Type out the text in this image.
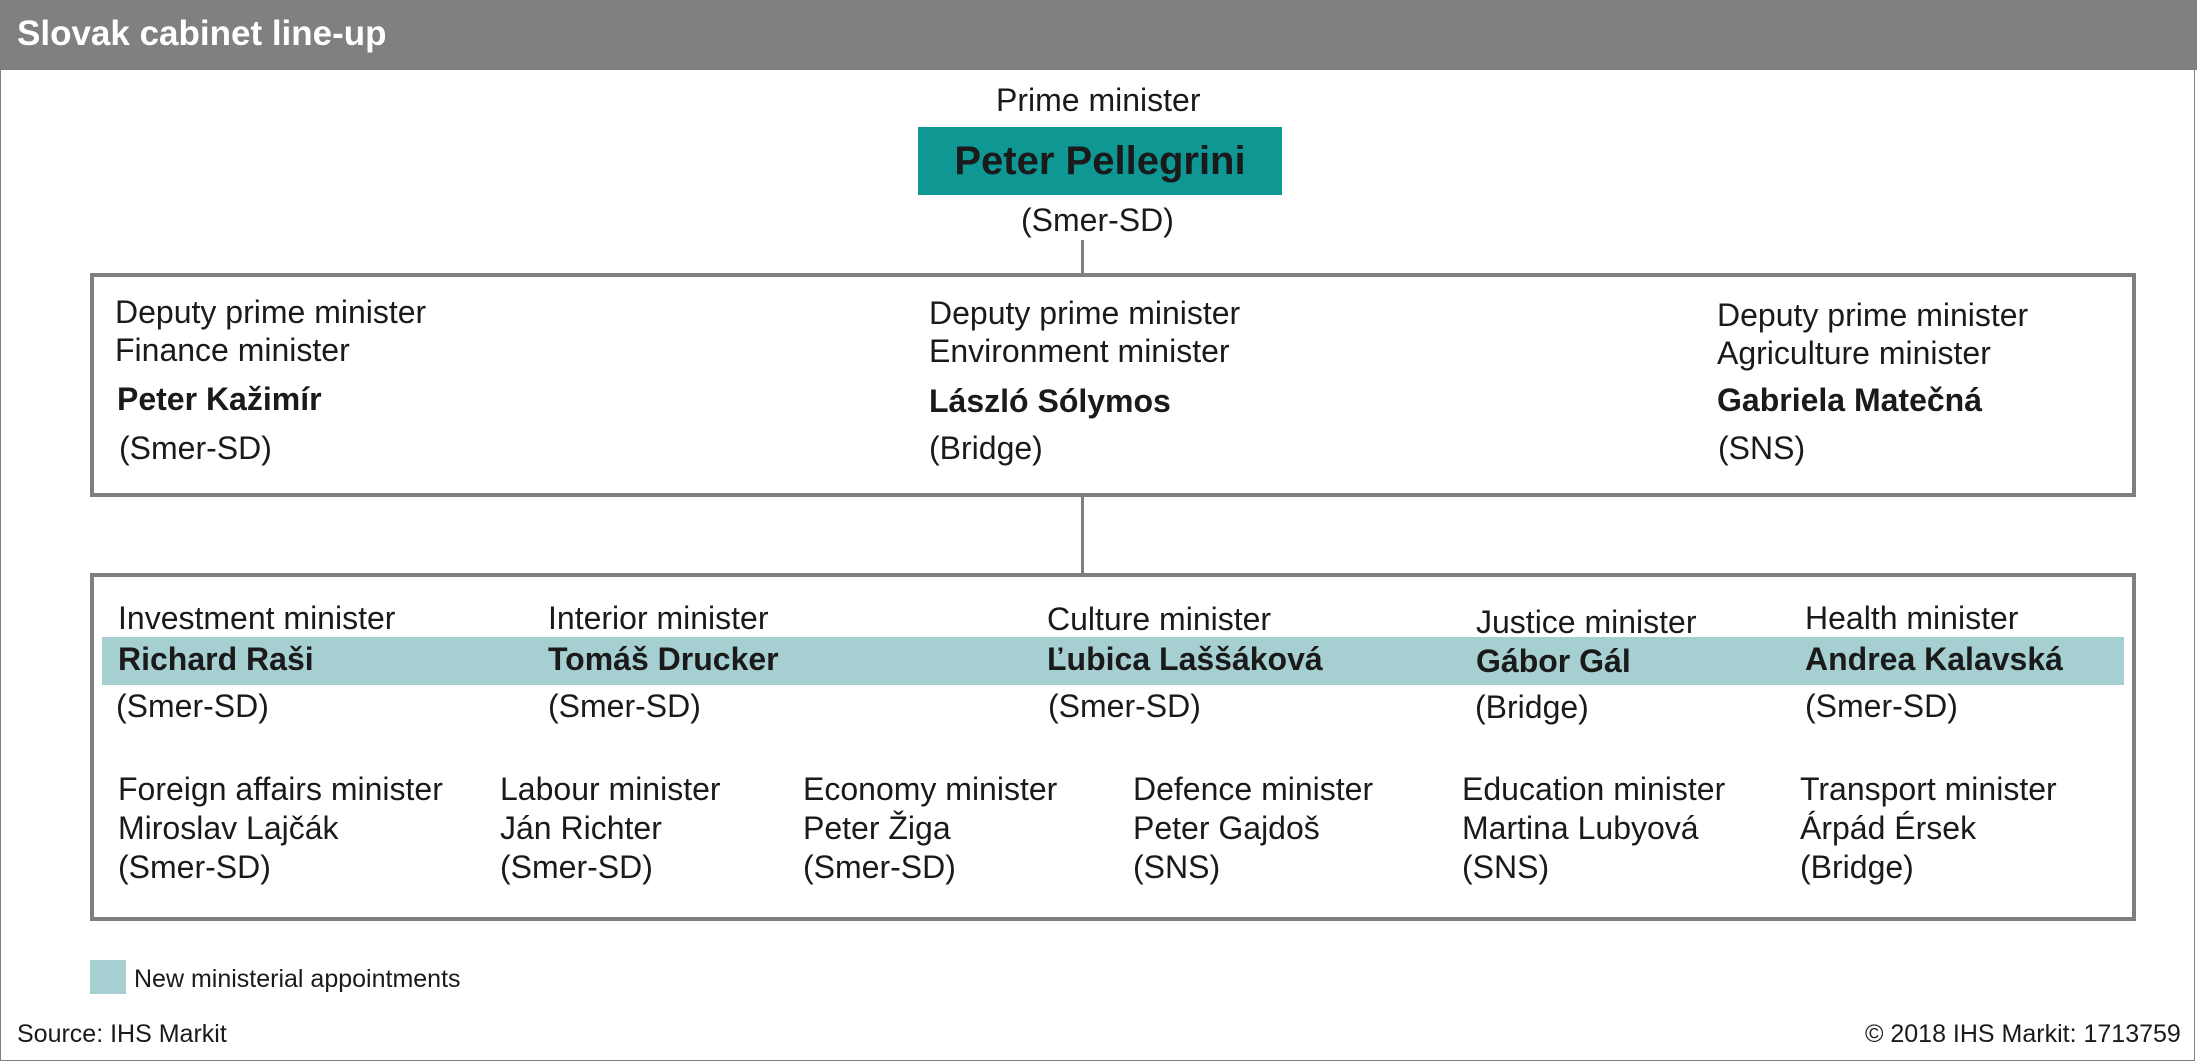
Slovak cabinet line-up
Prime minister
Peter Pellegrini
(Smer-SD)
Deputy prime minister
Finance minister
Peter Kažimír
(Smer-SD)
Deputy prime minister
Environment minister
László Sólymos
(Bridge)
Deputy prime minister
Agriculture minister
Gabriela Matečná
(SNS)
Investment minister
Richard Raši
(Smer-SD)
Interior minister
Tomáš Drucker
(Smer-SD)
Culture minister
Ľubica Laššáková
(Smer-SD)
Justice minister
Gábor Gál
(Bridge)
Health minister
Andrea Kalavská
(Smer-SD)
Foreign affairs minister
Miroslav Lajčák
(Smer-SD)
Labour minister
Ján Richter
(Smer-SD)
Economy minister
Peter Žiga
(Smer-SD)
Defence minister
Peter Gajdoš
(SNS)
Education minister
Martina Lubyová
(SNS)
Transport minister
Árpád Érsek
(Bridge)
New ministerial appointments
Source: IHS Markit	© 2018 IHS Markit: 1713759
